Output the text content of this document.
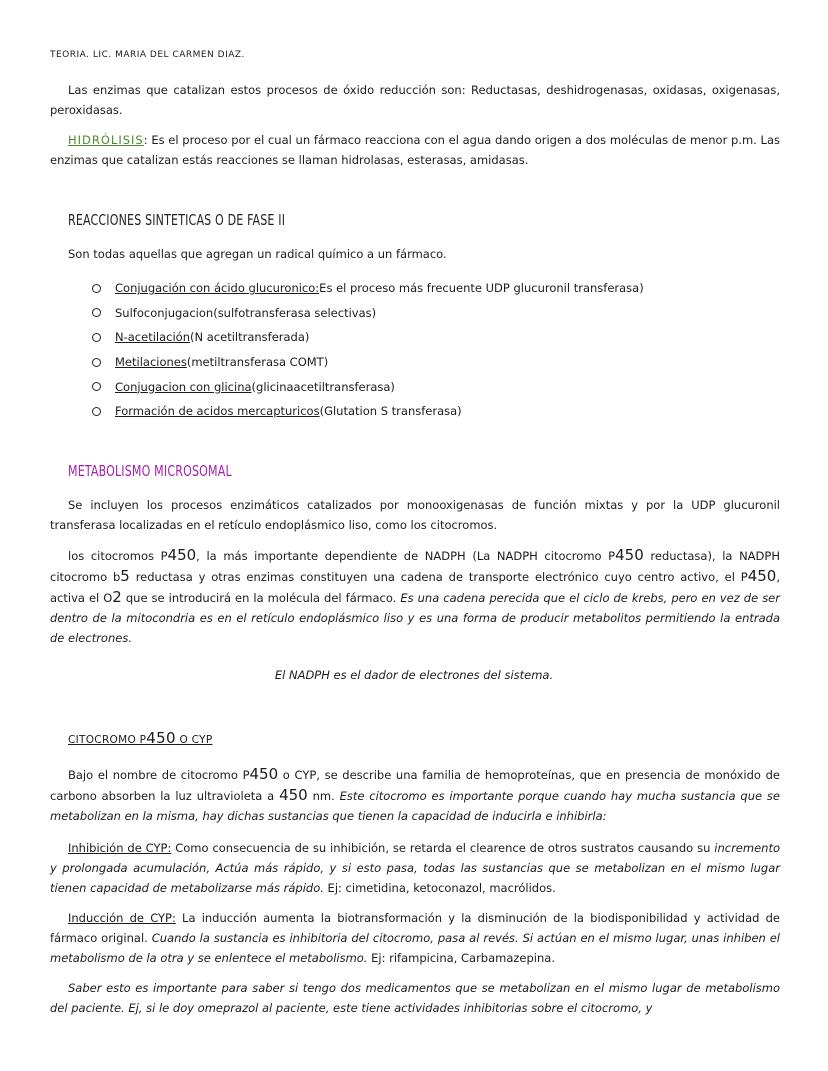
TEORIA. LIC. MARIA DEL CARMEN DIAZ.

Las enzimas que catalizan estos procesos de óxido reducción son: Reductasas, deshidrogenasas, oxidasas, oxigenasas, peroxidasas.

HIDRÓLISIS: Es el proceso por el cual un fármaco reacciona con el agua dando origen a dos moléculas de menor p.m. Las enzimas que catalizan estás reacciones se llaman hidrolasas, esterasas, amidasas.

REACCIONES SINTETICAS O DE FASE II

Son todas aquellas que agregan un radical químico a un fármaco.

Conjugación con ácido glucuronico: Es el proceso más frecuente UDP glucuronil transferasa)
Sulfoconjugacion (sulfotransferasa selectivas)
N-acetilación (N acetiltransferada)
Metilaciones (metiltransferasa COMT)
Conjugacion con glicina (glicinaacetiltransferasa)
Formación de acidos mercapturicos (Glutation S transferasa)
METABOLISMO MICROSOMAL

Se incluyen los procesos enzimáticos catalizados por monooxigenasas de función mixtas y por la UDP glucuronil transferasa localizadas en el retículo endoplásmico liso, como los citocromos.

los citocromos P450, la más importante dependiente de NADPH (La NADPH citocromo P450 reductasa), la NADPH citocromo b5 reductasa y otras enzimas constituyen una cadena de transporte electrónico cuyo centro activo, el P450, activa el O2 que se introducirá en la molécula del fármaco. Es una cadena perecida que el ciclo de krebs, pero en vez de ser dentro de la mitocondria es en el retículo endoplásmico liso y es una forma de producir metabolitos permitiendo la entrada de electrones.

El NADPH es el dador de electrones del sistema.
CITOCROMO P450 O CYP

Bajo el nombre de citocromo P450 o CYP, se describe una familia de hemoproteínas, que en presencia de monóxido de carbono absorben la luz ultravioleta a 450 nm. Este citocromo es importante porque cuando hay mucha sustancia que se metabolizan en la misma, hay dichas sustancias que tienen la capacidad de inducirla e inhibirla:

Inhibición de CYP: Como consecuencia de su inhibición, se retarda el clearence de otros sustratos causando su incremento y prolongada acumulación, Actúa más rápido, y si esto pasa, todas las sustancias que se metabolizan en el mismo lugar tienen capacidad de metabolizarse más rápido. Ej: cimetidina, ketoconazol, macrólidos.

Inducción de CYP: La inducción aumenta la biotransformación y la disminución de la biodisponibilidad y actividad de fármaco original. Cuando la sustancia es inhibitoria del citocromo, pasa al revés. Si actúan en el mismo lugar, unas inhiben el metabolismo de la otra y se enlentece el metabolismo. Ej: rifampicina, Carbamazepina.

Saber esto es importante para saber si tengo dos medicamentos que se metabolizan en el mismo lugar de metabolismo del paciente. Ej, si le doy omeprazol al paciente, este tiene actividades inhibitorias sobre el citocromo, y
